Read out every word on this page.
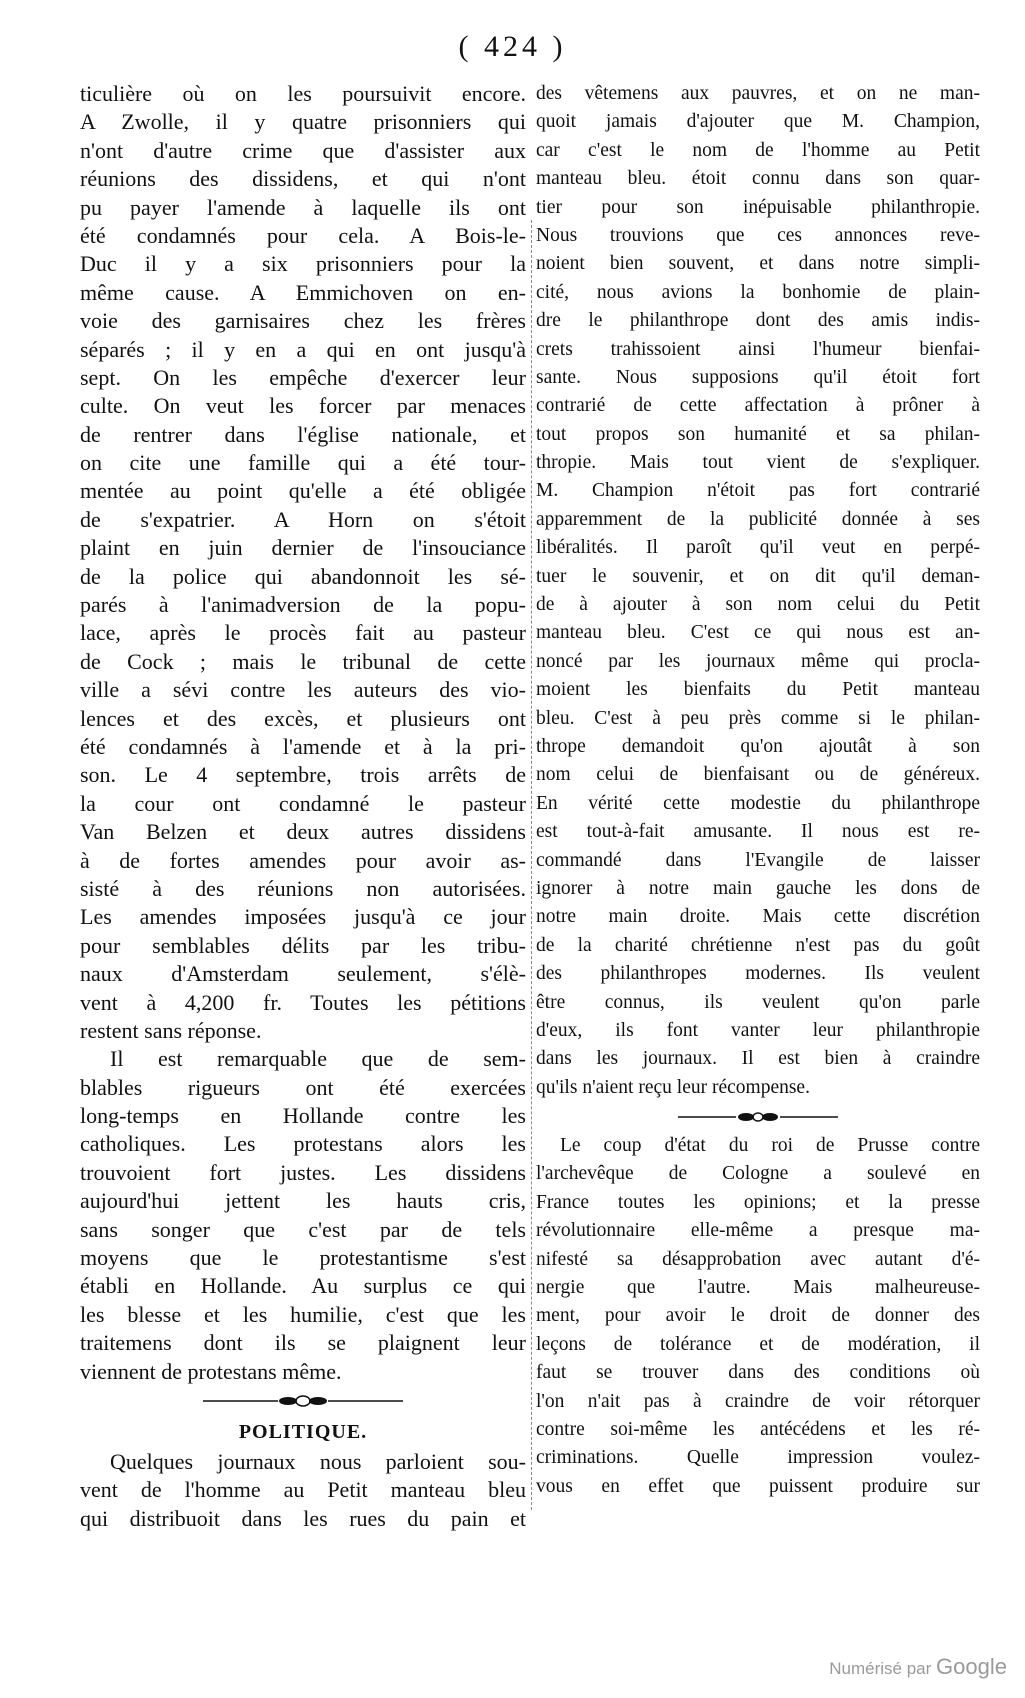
( 424 )
ticulière où on les poursuivit encore.
A Zwolle, il y quatre prisonniers qui
n'ont d'autre crime que d'assister aux
réunions des dissidens, et qui n'ont
pu payer l'amende à laquelle ils ont
été condamnés pour cela. A Bois-le-
Duc il y a six prisonniers pour la
même cause. A Emmichoven on en-
voie des garnisaires chez les frères
séparés ; il y en a qui en ont jusqu'à
sept. On les empêche d'exercer leur
culte. On veut les forcer par menaces
de rentrer dans l'église nationale, et
on cite une famille qui a été tour-
mentée au point qu'elle a été obligée
de s'expatrier. A Horn on s'étoit
plaint en juin dernier de l'insouciance
de la police qui abandonnoit les sé-
parés à l'animadversion de la popu-
lace, après le procès fait au pasteur
de Cock ; mais le tribunal de cette
ville a sévi contre les auteurs des vio-
lences et des excès, et plusieurs ont
été condamnés à l'amende et à la pri-
son. Le 4 septembre, trois arrêts de
la cour ont condamné le pasteur
Van Belzen et deux autres dissidens
à de fortes amendes pour avoir as-
sisté à des réunions non autorisées.
Les amendes imposées jusqu'à ce jour
pour semblables délits par les tribu-
naux d'Amsterdam seulement, s'élè-
vent à 4,200 fr. Toutes les pétitions
restent sans réponse.
Il est remarquable que de sem-
blables rigueurs ont été exercées
long-temps en Hollande contre les
catholiques. Les protestans alors les
trouvoient fort justes. Les dissidens
aujourd'hui jettent les hauts cris,
sans songer que c'est par de tels
moyens que le protestantisme s'est
établi en Hollande. Au surplus ce qui
les blesse et les humilie, c'est que les
traitemens dont ils se plaignent leur
viennent de protestans même.
POLITIQUE.
Quelques journaux nous parloient sou-
vent de l'homme au Petit manteau bleu
qui distribuoit dans les rues du pain et
des vêtemens aux pauvres, et on ne man-
quoit jamais d'ajouter que M. Champion,
car c'est le nom de l'homme au Petit
manteau bleu. étoit connu dans son quar-
tier pour son inépuisable philanthropie.
Nous trouvions que ces annonces reve-
noient bien souvent, et dans notre simpli-
cité, nous avions la bonhomie de plain-
dre le philanthrope dont des amis indis-
crets trahissoient ainsi l'humeur bienfai-
sante. Nous supposions qu'il étoit fort
contrarié de cette affectation à prôner à
tout propos son humanité et sa philan-
thropie. Mais tout vient de s'expliquer.
M. Champion n'étoit pas fort contrarié
apparemment de la publicité donnée à ses
libéralités. Il paroît qu'il veut en perpé-
tuer le souvenir, et on dit qu'il deman-
de à ajouter à son nom celui du Petit
manteau bleu. C'est ce qui nous est an-
noncé par les journaux même qui procla-
moient les bienfaits du Petit manteau
bleu. C'est à peu près comme si le philan-
thrope demandoit qu'on ajoutât à son
nom celui de bienfaisant ou de généreux.
En vérité cette modestie du philanthrope
est tout-à-fait amusante. Il nous est re-
commandé dans l'Evangile de laisser
ignorer à notre main gauche les dons de
notre main droite. Mais cette discrétion
de la charité chrétienne n'est pas du goût
des philanthropes modernes. Ils veulent
être connus, ils veulent qu'on parle
d'eux, ils font vanter leur philanthropie
dans les journaux. Il est bien à craindre
qu'ils n'aient reçu leur récompense.
Le coup d'état du roi de Prusse contre
l'archevêque de Cologne a soulevé en
France toutes les opinions; et la presse
révolutionnaire elle-même a presque ma-
nifesté sa désapprobation avec autant d'é-
nergie que l'autre. Mais malheureuse-
ment, pour avoir le droit de donner des
leçons de tolérance et de modération, il
faut se trouver dans des conditions où
l'on n'ait pas à craindre de voir rétorquer
contre soi-même les antécédens et les ré-
criminations. Quelle impression voulez-
vous en effet que puissent produire sur
Numérisé par Google
